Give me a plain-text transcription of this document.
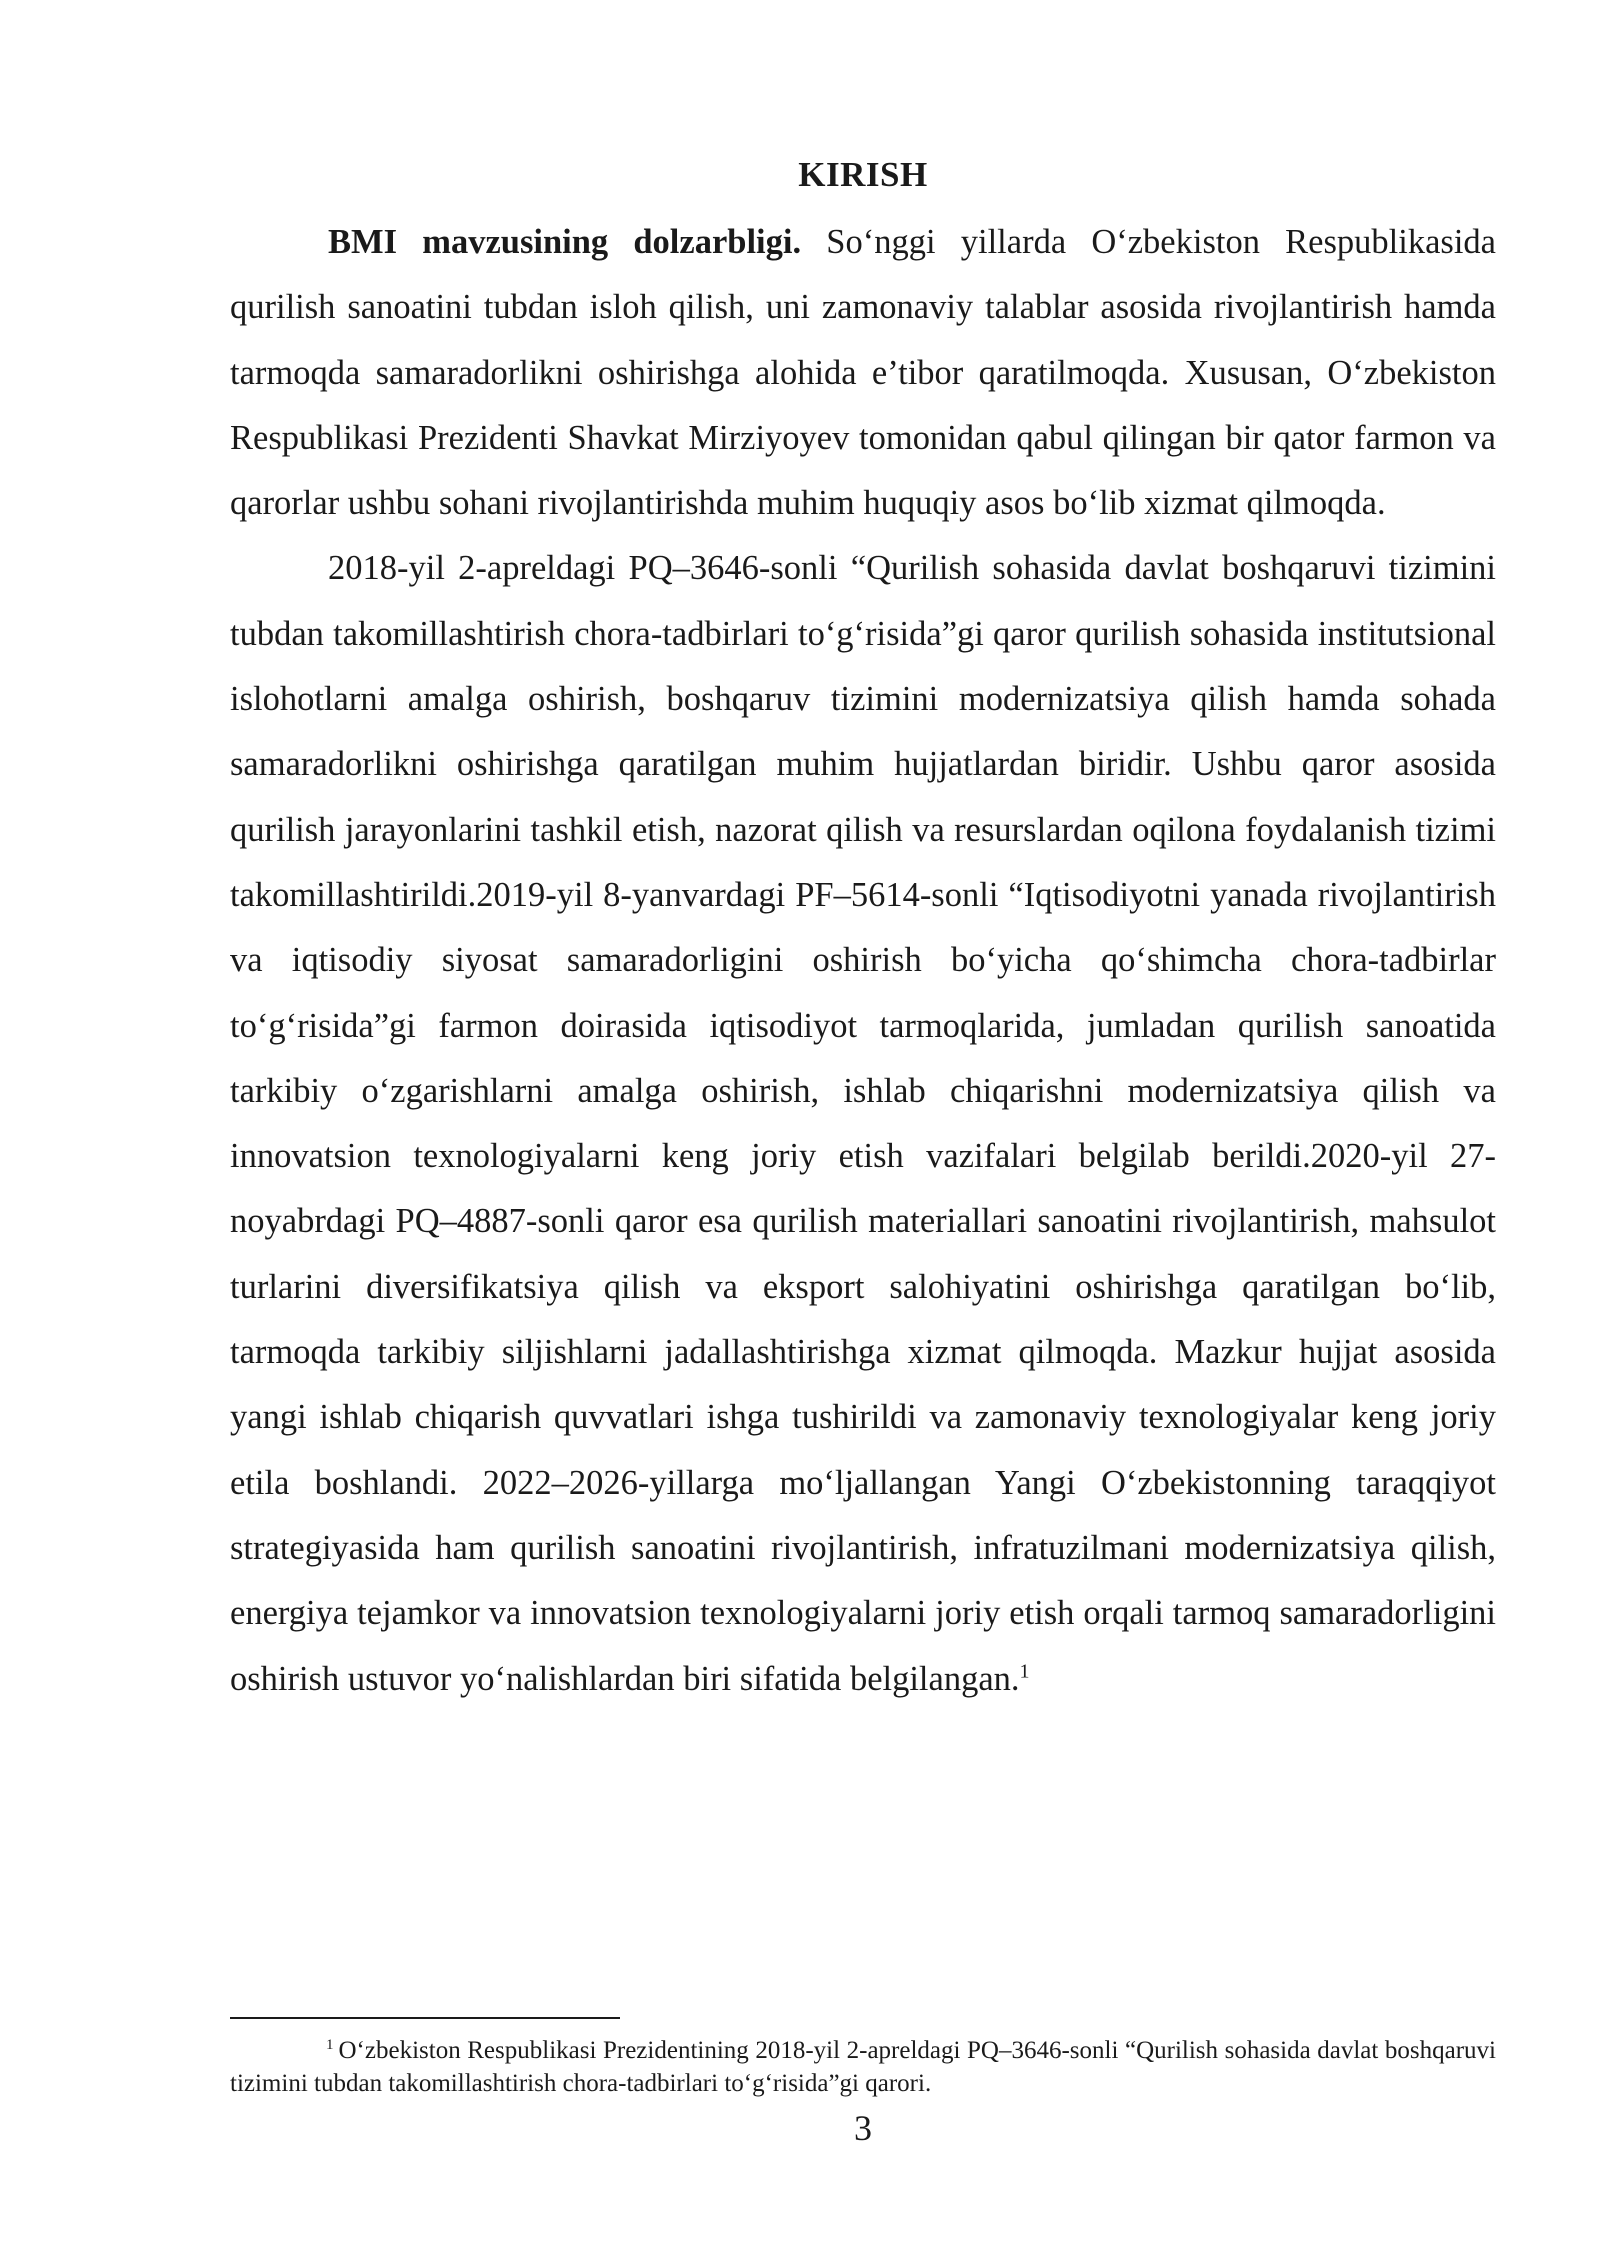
KIRISH

BMI mavzusining dolzarbligi. So‘nggi yillarda O‘zbekiston Respublikasida qurilish sanoatini tubdan isloh qilish, uni zamonaviy talablar asosida rivojlantirish hamda tarmoqda samaradorlikni oshirishga alohida e’tibor qaratilmoqda. Xususan, O‘zbekiston Respublikasi Prezidenti Shavkat Mirziyoyev tomonidan qabul qilingan bir qator farmon va qarorlar ushbu sohani rivojlantirishda muhim huquqiy asos bo‘lib xizmat qilmoqda.

2018-yil 2-apreldagi PQ–3646-sonli “Qurilish sohasida davlat boshqaruvi tizimini tubdan takomillashtirish chora-tadbirlari to‘g‘risida”gi qaror qurilish sohasida institutsional islohotlarni amalga oshirish, boshqaruv tizimini modernizatsiya qilish hamda sohada samaradorlikni oshirishga qaratilgan muhim hujjatlardan biridir. Ushbu qaror asosida qurilish jarayonlarini tashkil etish, nazorat qilish va resurslardan oqilona foydalanish tizimi takomillashtirildi.2019-yil 8-yanvardagi PF–5614-sonli “Iqtisodiyotni yanada rivojlantirish va iqtisodiy siyosat samaradorligini oshirish bo‘yicha qo‘shimcha chora-tadbirlar to‘g‘risida”gi farmon doirasida iqtisodiyot tarmoqlarida, jumladan qurilish sanoatida tarkibiy o‘zgarishlarni amalga oshirish, ishlab chiqarishni modernizatsiya qilish va innovatsion texnologiyalarni keng joriy etish vazifalari belgilab berildi.2020-yil 27-noyabrdagi PQ–4887-sonli qaror esa qurilish materiallari sanoatini rivojlantirish, mahsulot turlarini diversifikatsiya qilish va eksport salohiyatini oshirishga qaratilgan bo‘lib, tarmoqda tarkibiy siljishlarni jadallashtirishga xizmat qilmoqda. Mazkur hujjat asosida yangi ishlab chiqarish quvvatlari ishga tushirildi va zamonaviy texnologiyalar keng joriy etila boshlandi. 2022–2026-yillarga mo‘ljallangan Yangi O‘zbekistonning taraqqiyot strategiyasida ham qurilish sanoatini rivojlantirish, infratuzilmani modernizatsiya qilish, energiya tejamkor va innovatsion texnologiyalarni joriy etish orqali tarmoq samaradorligini oshirish ustuvor yo‘nalishlardan biri sifatida belgilangan.$^1$

$^1$ O‘zbekiston Respublikasi Prezidentining 2018-yil 2-apreldagi PQ–3646-sonli “Qurilish sohasida davlat boshqaruvi tizimini tubdan takomillashtirish chora-tadbirlari to‘g‘risida”gi qarori.

3
